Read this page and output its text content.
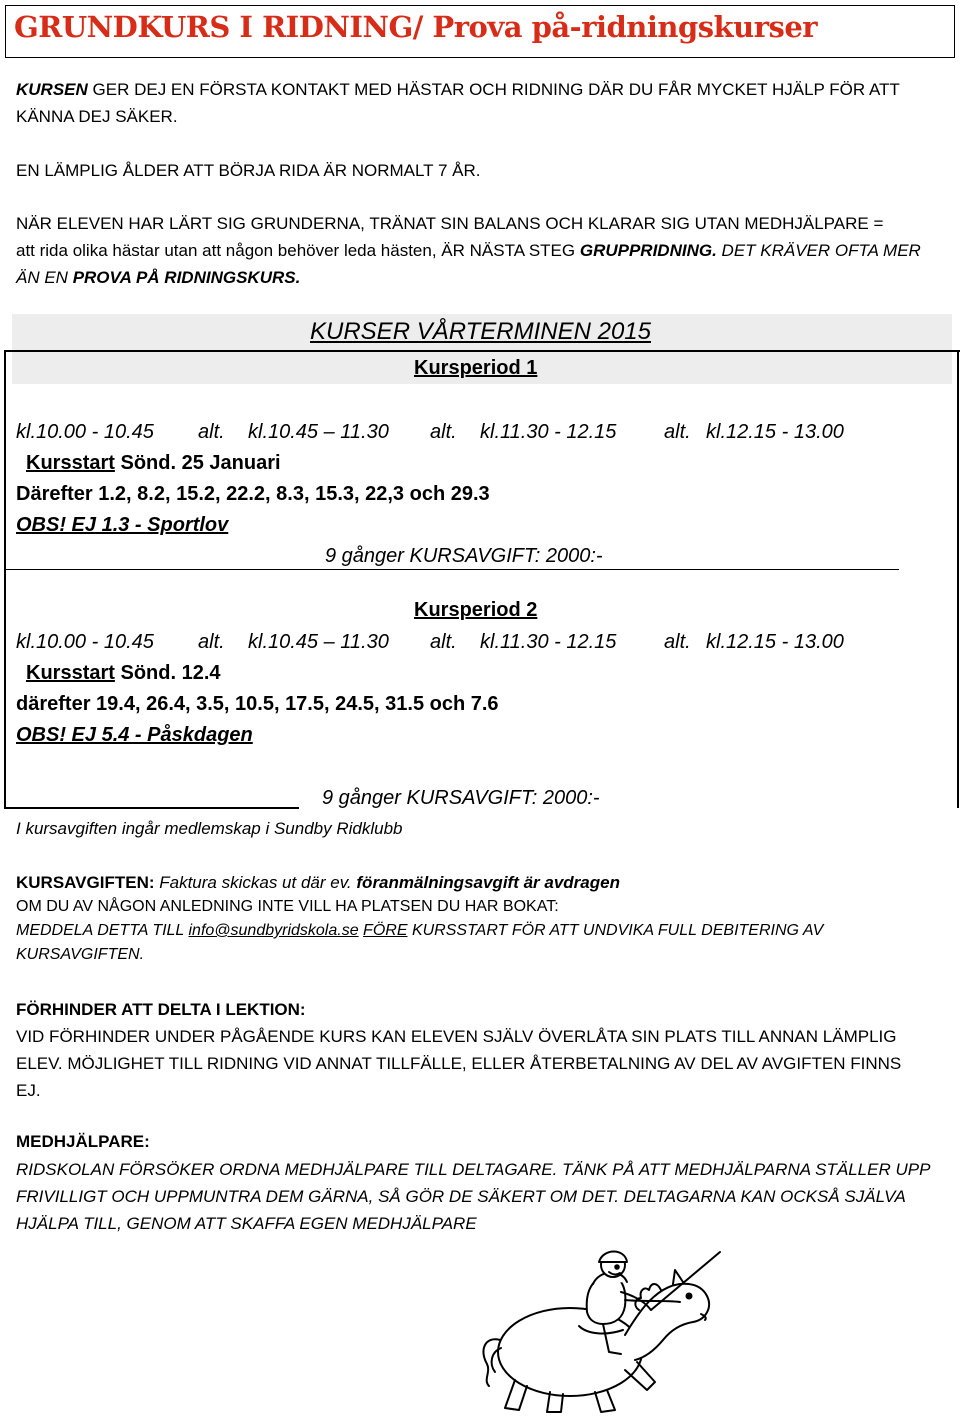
GRUNDKURS I RIDNING/ Prova på-ridningskurser
KURSEN GER DEJ EN FÖRSTA KONTAKT MED HÄSTAR OCH RIDNING DÄR DU FÅR MYCKET HJÄLP FÖR ATT KÄNNA DEJ SÄKER.
EN LÄMPLIG ÅLDER ATT BÖRJA RIDA ÄR NORMALT 7 ÅR.
NÄR ELEVEN HAR LÄRT SIG GRUNDERNA, TRÄNAT SIN BALANS OCH KLARAR SIG UTAN MEDHJÄLPARE =
att rida olika hästar utan att någon behöver leda hästen, ÄR NÄSTA STEG GRUPPRIDNING. DET KRÄVER OFTA MER ÄN EN PROVA PÅ RIDNINGSKURS.
KURSER VÅRTERMINEN 2015
Kursperiod 1
kl.10.00 - 10.45 alt. kl.10.45 – 11.30 alt. kl.11.30 - 12.15 alt. kl.12.15 - 13.00
Kursstart Sönd. 25 Januari
Därefter 1.2, 8.2, 15.2, 22.2, 8.3, 15.3, 22,3 och 29.3
OBS! EJ 1.3 - Sportlov
9 gånger KURSAVGIFT: 2000:-
Kursperiod 2
kl.10.00 - 10.45 alt. kl.10.45 – 11.30 alt. kl.11.30 - 12.15 alt. kl.12.15 - 13.00
Kursstart Sönd. 12.4
därefter 19.4, 26.4, 3.5, 10.5, 17.5, 24.5, 31.5 och 7.6
OBS! EJ 5.4 - Påskdagen
9 gånger KURSAVGIFT: 2000:-
I kursavgiften ingår medlemskap i Sundby Ridklubb
KURSAVGIFTEN: Faktura skickas ut där ev. föranmälningsavgift är avdragen
OM DU AV NÅGON ANLEDNING INTE VILL HA PLATSEN DU HAR BOKAT:
MEDDELA DETTA TILL info@sundbyridskola.se FÖRE KURSSTART FÖR ATT UNDVIKA FULL DEBITERING AV KURSAVGIFTEN.
FÖRHINDER ATT DELTA I LEKTION:
VID FÖRHINDER UNDER PÅGÅENDE KURS KAN ELEVEN SJÄLV ÖVERLÅTA SIN PLATS TILL ANNAN LÄMPLIG ELEV. MÖJLIGHET TILL RIDNING VID ANNAT TILLFÄLLE, ELLER ÅTERBETALNING AV DEL AV AVGIFTEN FINNS EJ.
MEDHJÄLPARE:
RIDSKOLAN FÖRSÖKER ORDNA MEDHJÄLPARE TILL DELTAGARE. TÄNK PÅ ATT MEDHJÄLPARNA STÄLLER UPP FRIVILLIGT OCH UPPMUNTRA DEM GÄRNA, SÅ GÖR DE SÄKERT OM DET. DELTAGARNA KAN OCKSÅ SJÄLVA HJÄLPA TILL, GENOM ATT SKAFFA EGEN MEDHJÄLPARE
